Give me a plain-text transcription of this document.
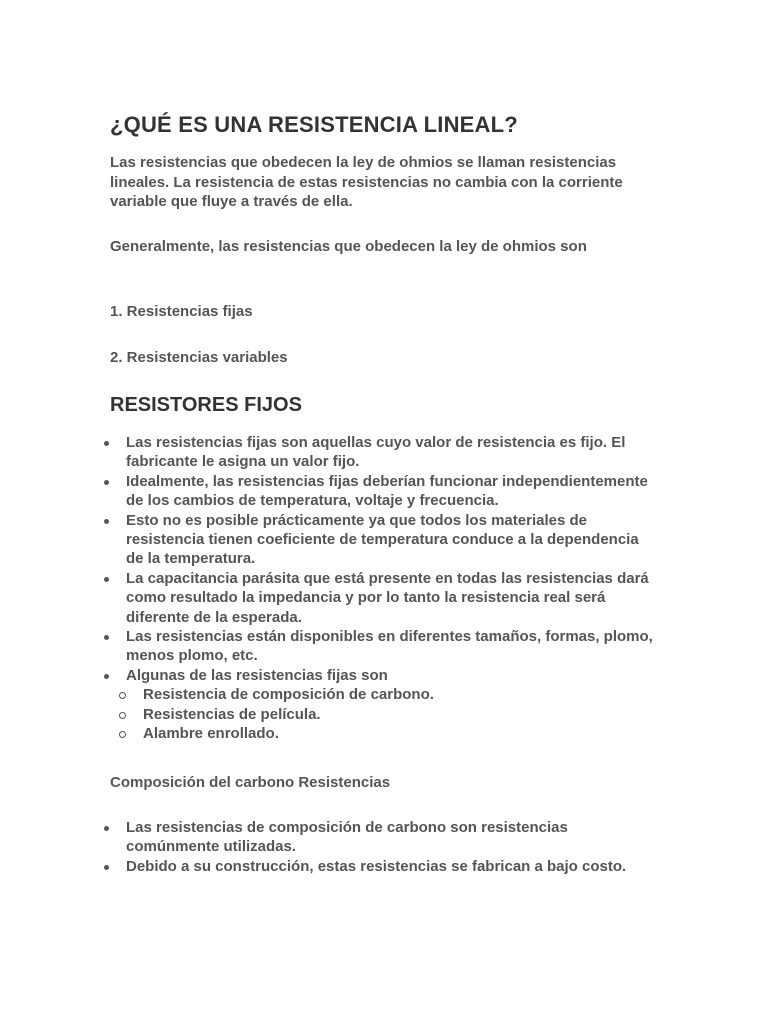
¿QUÉ ES UNA RESISTENCIA LINEAL?

Las resistencias que obedecen la ley de ohmios se llaman resistencias lineales. La resistencia de estas resistencias no cambia con la corriente variable que fluye a través de ella.

Generalmente, las resistencias que obedecen la ley de ohmios son

1. Resistencias fijas

2. Resistencias variables

RESISTORES FIJOS
Las resistencias fijas son aquellas cuyo valor de resistencia es fijo. El fabricante le asigna un valor fijo.
Idealmente, las resistencias fijas deberían funcionar independientemente de los cambios de temperatura, voltaje y frecuencia.
Esto no es posible prácticamente ya que todos los materiales de resistencia tienen coeficiente de temperatura conduce a la dependencia de la temperatura.
La capacitancia parásita que está presente en todas las resistencias dará como resultado la impedancia y por lo tanto la resistencia real será diferente de la esperada.
Las resistencias están disponibles en diferentes tamaños, formas, plomo, menos plomo, etc.
Algunas de las resistencias fijas son
Resistencia de composición de carbono.
Resistencias de película.
Alambre enrollado.

Composición del carbono Resistencias

Las resistencias de composición de carbono son resistencias comúnmente utilizadas.
Debido a su construcción, estas resistencias se fabrican a bajo costo.
